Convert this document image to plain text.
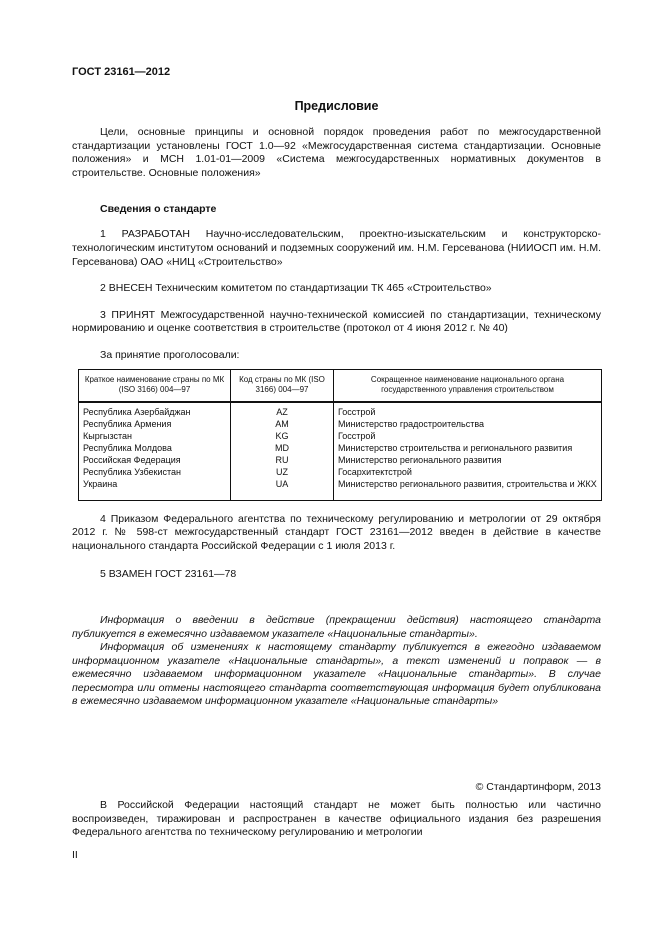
ГОСТ 23161—2012
Предисловие

Цели, основные принципы и основной порядок проведения работ по межгосударственной стандартизации установлены ГОСТ 1.0—92 «Межгосударственная система стандартизации. Основные положения» и МСН 1.01-01—2009 «Система межгосударственных нормативных документов в строительстве. Основные положения»

Сведения о стандарте

1 РАЗРАБОТАН Научно-исследовательским, проектно-изыскательским и конструкторско-технологическим институтом оснований и подземных сооружений им. Н.М. Герсеванова (НИИОСП им. Н.М. Герсеванова) ОАО «НИЦ «Строительство»

2 ВНЕСЕН Техническим комитетом по стандартизации ТК 465 «Строительство»

3 ПРИНЯТ Межгосударственной научно-технической комиссией по стандартизации, техническому нормированию и оценке соответствия в строительстве (протокол от 4 июня 2012 г. № 40)

За принятие проголосовали:

Краткое наименование страны по МК (ISO 3166) 004—97	Код страны по МК (ISO 3166) 004—97	Сокращенное наименование национального органа государственного управления строительством
Республика Азербайджан	AZ	Госстрой
Республика Армения	AM	Министерство градостроительства
Кыргызстан	KG	Госстрой
Республика Молдова	MD	Министерство строительства и регионального развития
Российская Федерация	RU	Министерство регионального развития
Республика Узбекистан	UZ	Госархитектстрой
Украина	UA	Министерство регионального развития, строительства и ЖКХ

4 Приказом Федерального агентства по техническому регулированию и метрологии от 29 октября 2012 г. № 598-ст межгосударственный стандарт ГОСТ 23161—2012 введен в действие в качестве национального стандарта Российской Федерации с 1 июля 2013 г.

5 ВЗАМЕН ГОСТ 23161—78

Информация о введении в действие (прекращении действия) настоящего стандарта публикуется в ежемесячно издаваемом указателе «Национальные стандарты».

Информация об изменениях к настоящему стандарту публикуется в ежегодно издаваемом информационном указателе «Национальные стандарты», а текст изменений и поправок — в ежемесячно издаваемом информационном указателе «Национальные стандарты». В случае пересмотра или отмены настоящего стандарта соответствующая информация будет опубликована в ежемесячно издаваемом информационном указателе «Национальные стандарты»

© Стандартинформ, 2013

В Российской Федерации настоящий стандарт не может быть полностью или частично воспроизведен, тиражирован и распространен в качестве официального издания без разрешения Федерального агентства по техническому регулированию и метрологии

II
